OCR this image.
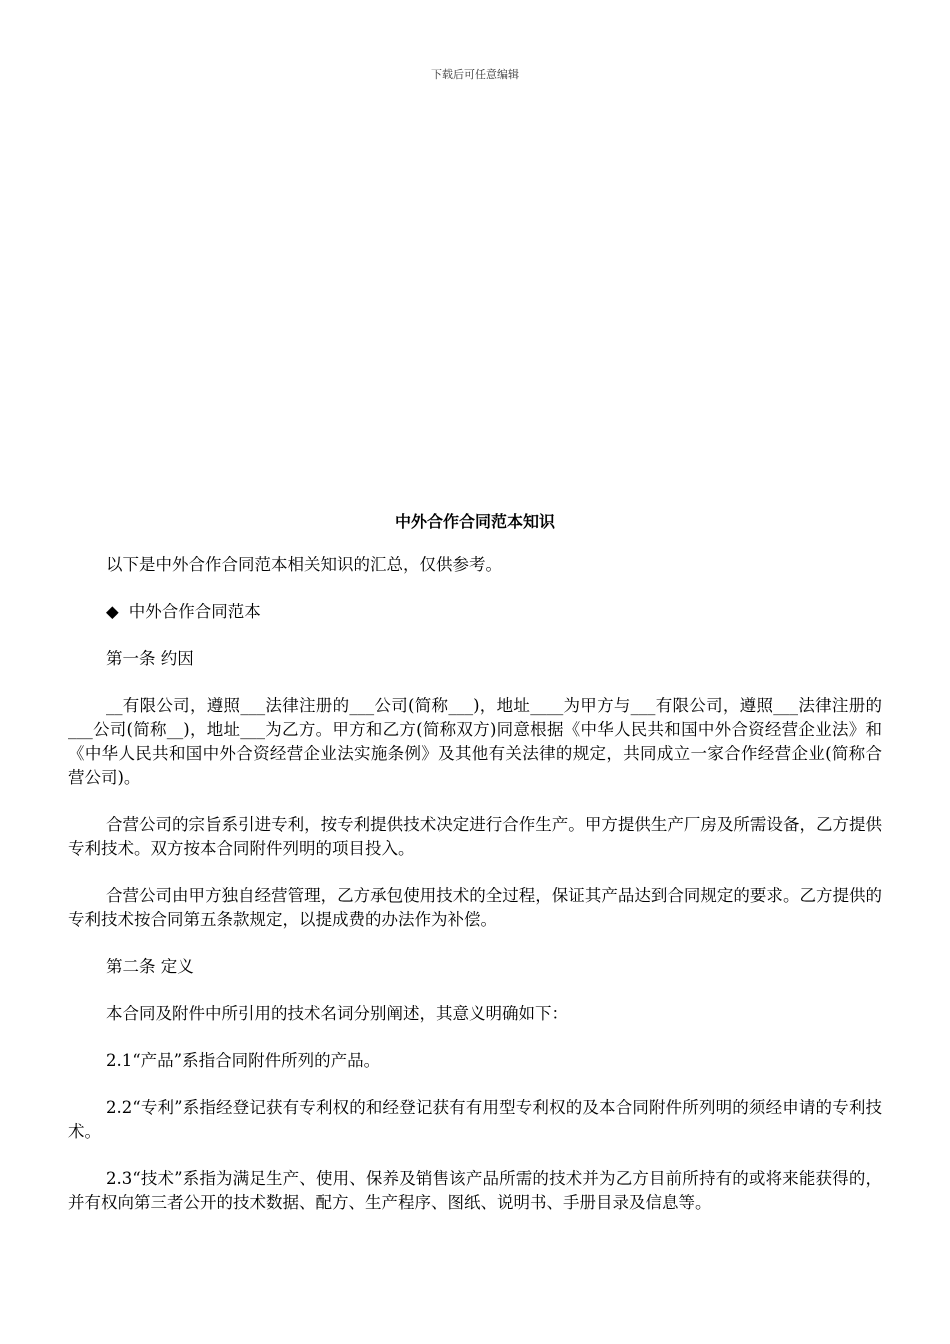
下载后可任意编辑
中外合作合同范本知识

以下是中外合作合同范本相关知识的汇总，仅供参考。

◆ 中外合作合同范本

第一条 约因

__有限公司，遵照___法律注册的___公司(简称___)，地址____为甲方与___有限公司，遵照___法律注册的___公司(简称__)，地址___为乙方。甲方和乙方(简称双方)同意根据《中华人民共和国中外合资经营企业法》和《中华人民共和国中外合资经营企业法实施条例》及其他有关法律的规定，共同成立一家合作经营企业(简称合营公司)。

合营公司的宗旨系引进专利，按专利提供技术决定进行合作生产。甲方提供生产厂房及所需设备，乙方提供专利技术。双方按本合同附件列明的项目投入。

合营公司由甲方独自经营管理，乙方承包使用技术的全过程，保证其产品达到合同规定的要求。乙方提供的专利技术按合同第五条款规定，以提成费的办法作为补偿。

第二条 定义

本合同及附件中所引用的技术名词分别阐述，其意义明确如下：

2.1“产品”系指合同附件所列的产品。

2.2“专利”系指经登记获有专利权的和经登记获有有用型专利权的及本合同附件所列明的须经申请的专利技术。

2.3“技术”系指为满足生产、使用、保养及销售该产品所需的技术并为乙方目前所持有的或将来能获得的，并有权向第三者公开的技术数据、配方、生产程序、图纸、说明书、手册目录及信息等。
